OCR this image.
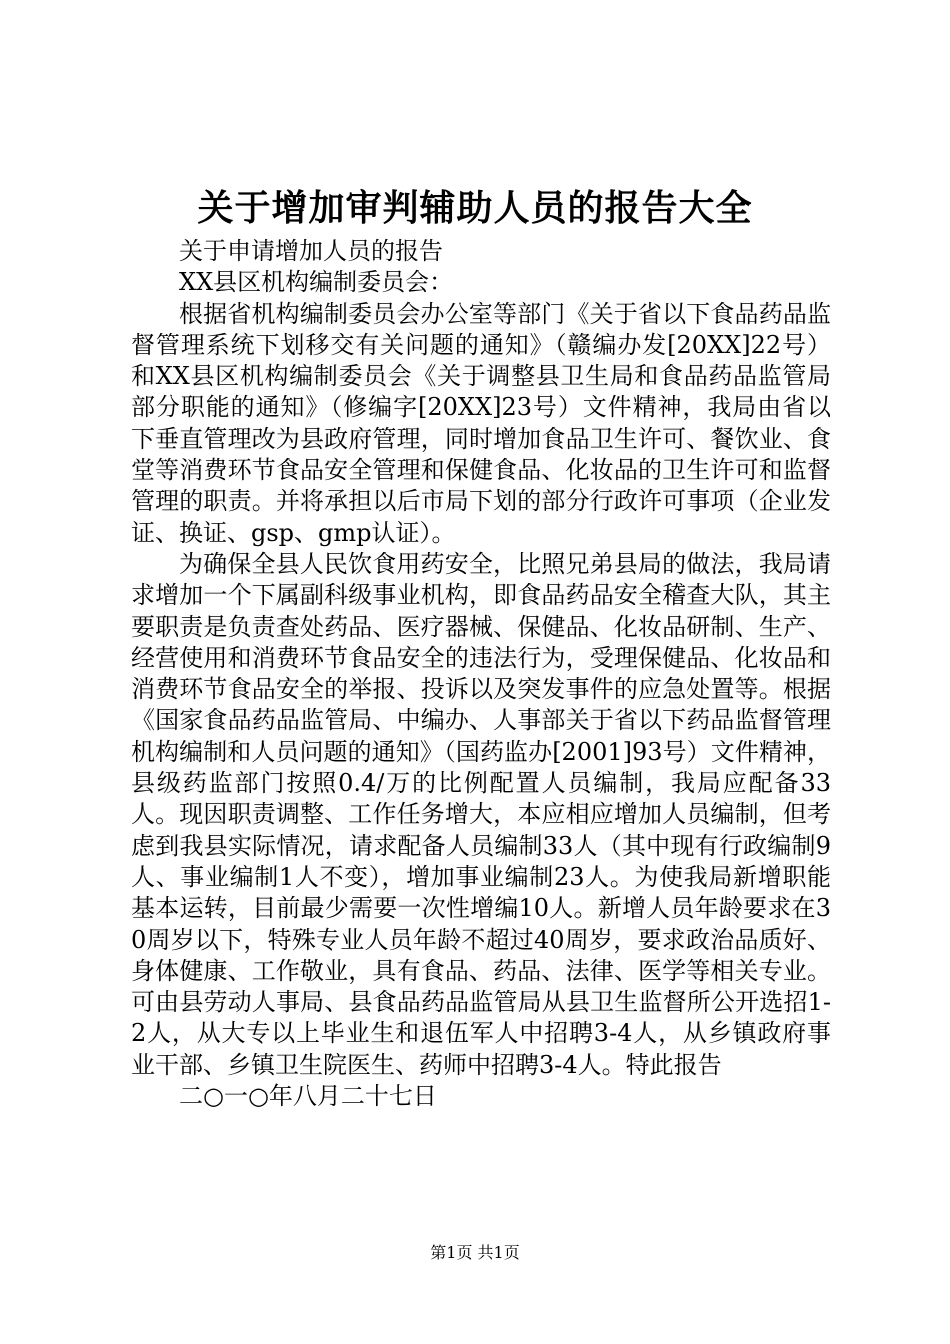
关于增加审判辅助人员的报告大全

关于申请增加人员的报告

XX县区机构编制委员会：

根据省机构编制委员会办公室等部门《关于省以下食品药品监督管理系统下划移交有关问题的通知》（赣编办发[20XX]22号）和XX县区机构编制委员会《关于调整县卫生局和食品药品监管局部分职能的通知》（修编字[20XX]23号）文件精神，我局由省以下垂直管理改为县政府管理，同时增加食品卫生许可、餐饮业、食堂等消费环节食品安全管理和保健食品、化妆品的卫生许可和监督管理的职责。并将承担以后市局下划的部分行政许可事项（企业发证、换证、gsp、gmp认证）。

为确保全县人民饮食用药安全，比照兄弟县局的做法，我局请求增加一个下属副科级事业机构，即食品药品安全稽查大队，其主要职责是负责查处药品、医疗器械、保健品、化妆品研制、生产、经营使用和消费环节食品安全的违法行为，受理保健品、化妆品和消费环节食品安全的举报、投诉以及突发事件的应急处置等。根据《国家食品药品监管局、中编办、人事部关于省以下药品监督管理机构编制和人员问题的通知》（国药监办[2001]93号）文件精神，县级药监部门按照0.4/万的比例配置人员编制，我局应配备33人。现因职责调整、工作任务增大，本应相应增加人员编制，但考虑到我县实际情况，请求配备人员编制33人（其中现有行政编制9人、事业编制1人不变），增加事业编制23人。为使我局新增职能基本运转，目前最少需要一次性增编10人。新增人员年龄要求在30周岁以下，特殊专业人员年龄不超过40周岁，要求政治品质好、身体健康、工作敬业，具有食品、药品、法律、医学等相关专业。可由县劳动人事局、县食品药品监管局从县卫生监督所公开选招1-2人，从大专以上毕业生和退伍军人中招聘3-4人，从乡镇政府事业干部、乡镇卫生院医生、药师中招聘3-4人。特此报告

二○一○年八月二十七日

第1页 共1页
